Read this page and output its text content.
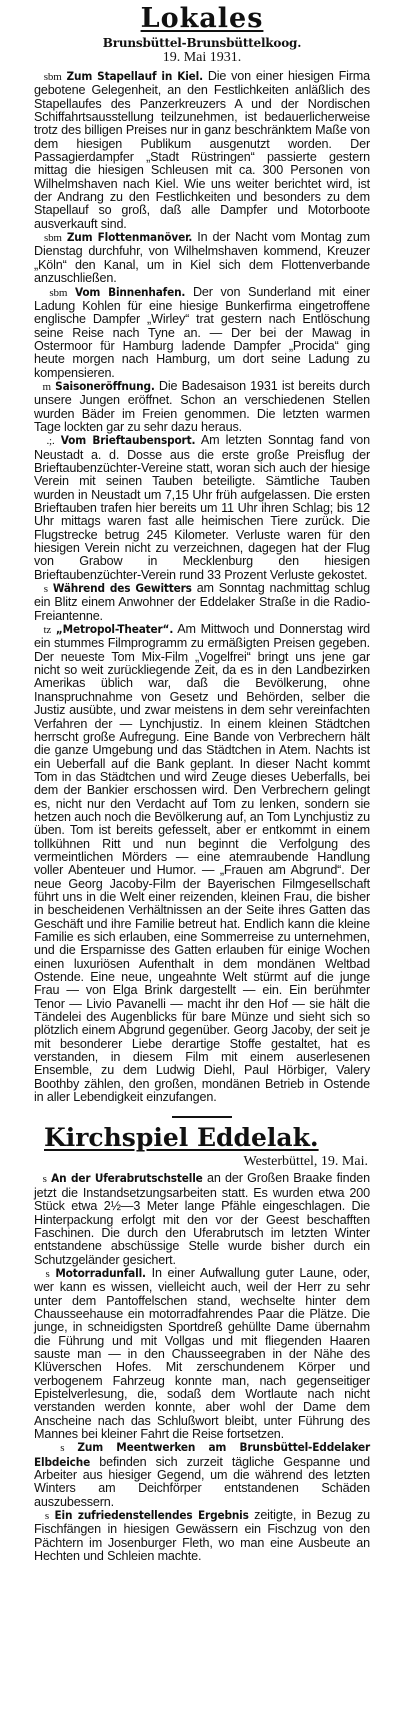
Lokales
Brunsbüttel-Brunsbüttelkoog.
19. Mai 1931.

sbm Zum Stapellauf in Kiel. Die von einer hiesigen Firma gebotene Gelegenheit, an den Festlichkeiten anläßlich des Stapellaufes des Panzerkreuzers A und der Nordischen Schiffahrtsausstellung teilzunehmen, ist bedauerlicherweise trotz des billigen Preises nur in ganz beschränktem Maße von dem hiesigen Publikum ausgenutzt worden. Der Passagierdampfer „Stadt Rüstringen“ passierte gestern mittag die hiesigen Schleusen mit ca. 300 Personen von Wilhelmshaven nach Kiel. Wie uns weiter berichtet wird, ist der Andrang zu den Festlichkeiten und besonders zu dem Stapellauf so groß, daß alle Dampfer und Motorboote ausverkauft sind.

sbm Zum Flottenmanöver. In der Nacht vom Montag zum Dienstag durchfuhr, von Wilhelmshaven kommend, Kreuzer „Köln“ den Kanal, um in Kiel sich dem Flottenverbande anzuschließen.

sbm Vom Binnenhafen. Der von Sunderland mit einer Ladung Kohlen für eine hiesige Bunkerfirma eingetroffene englische Dampfer „Wirley“ trat gestern nach Entlöschung seine Reise nach Tyne an. — Der bei der Mawag in Ostermoor für Hamburg ladende Dampfer „Procida“ ging heute morgen nach Hamburg, um dort seine Ladung zu kompensieren.

m Saisoneröffnung. Die Badesaison 1931 ist bereits durch unsere Jungen eröffnet. Schon an verschiedenen Stellen wurden Bäder im Freien genommen. Die letzten warmen Tage lockten gar zu sehr dazu heraus.

.;. Vom Brieftaubensport. Am letzten Sonntag fand von Neustadt a. d. Dosse aus die erste große Preisflug der Brieftaubenzüchter-Vereine statt, woran sich auch der hiesige Verein mit seinen Tauben beteiligte. Sämtliche Tauben wurden in Neustadt um 7,15 Uhr früh aufgelassen. Die ersten Brieftauben trafen hier bereits um 11 Uhr ihren Schlag; bis 12 Uhr mittags waren fast alle heimischen Tiere zurück. Die Flugstrecke betrug 245 Kilometer. Verluste waren für den hiesigen Verein nicht zu verzeichnen, dagegen hat der Flug von Grabow in Mecklenburg den hiesigen Brieftaubenzüchter-Verein rund 33 Prozent Verluste gekostet.

s Während des Gewitters am Sonntag nachmittag schlug ein Blitz einem Anwohner der Eddelaker Straße in die Radio-Freiantenne.

tz „Metropol-Theater“. Am Mittwoch und Donnerstag wird ein stummes Filmprogramm zu ermäßigten Preisen gegeben. Der neueste Tom Mix-Film „Vogelfrei“ bringt uns jene gar nicht so weit zurückliegende Zeit, da es in den Landbezirken Amerikas üblich war, daß die Bevölkerung, ohne Inanspruchnahme von Gesetz und Behörden, selber die Justiz ausübte, und zwar meistens in dem sehr vereinfachten Verfahren der — Lynchjustiz. In einem kleinen Städtchen herrscht große Aufregung. Eine Bande von Verbrechern hält die ganze Umgebung und das Städtchen in Atem. Nachts ist ein Ueberfall auf die Bank geplant. In dieser Nacht kommt Tom in das Städtchen und wird Zeuge dieses Ueberfalls, bei dem der Bankier erschossen wird. Den Verbrechern gelingt es, nicht nur den Verdacht auf Tom zu lenken, sondern sie hetzen auch noch die Bevölkerung auf, an Tom Lynchjustiz zu üben. Tom ist bereits gefesselt, aber er entkommt in einem tollkühnen Ritt und nun beginnt die Verfolgung des vermeintlichen Mörders — eine atemraubende Handlung voller Abenteuer und Humor. — „Frauen am Abgrund“. Der neue Georg Jacoby-Film der Bayerischen Filmgesellschaft führt uns in die Welt einer reizenden, kleinen Frau, die bisher in bescheidenen Verhältnissen an der Seite ihres Gatten das Geschäft und ihre Familie betreut hat. Endlich kann die kleine Familie es sich erlauben, eine Sommerreise zu unternehmen, und die Ersparnisse des Gatten erlauben für einige Wochen einen luxuriösen Aufenthalt in dem mondänen Weltbad Ostende. Eine neue, ungeahnte Welt stürmt auf die junge Frau — von Elga Brink dargestellt — ein. Ein berühmter Tenor — Livio Pavanelli — macht ihr den Hof — sie hält die Tändelei des Augenblicks für bare Münze und sieht sich so plötzlich einem Abgrund gegenüber. Georg Jacoby, der seit je mit besonderer Liebe derartige Stoffe gestaltet, hat es verstanden, in diesem Film mit einem auserlesenen Ensemble, zu dem Ludwig Diehl, Paul Hörbiger, Valery Boothby zählen, den großen, mondänen Betrieb in Ostende in aller Lebendigkeit einzufangen.

Kirchspiel Eddelak.
Westerbüttel, 19. Mai.

s An der Uferabrutschstelle an der Großen Braake finden jetzt die Instandsetzungsarbeiten statt. Es wurden etwa 200 Stück etwa 2½—3 Meter lange Pfähle eingeschlagen. Die Hinterpackung erfolgt mit den vor der Geest beschafften Faschinen. Die durch den Uferabrutsch im letzten Winter entstandene abschüssige Stelle wurde bisher durch ein Schutzgeländer gesichert.

s Motorradunfall. In einer Aufwallung guter Laune, oder, wer kann es wissen, vielleicht auch, weil der Herr zu sehr unter dem Pantoffelschen stand, wechselte hinter dem Chausseehause ein motorradfahrendes Paar die Plätze. Die junge, in schneidigsten Sportdreß gehüllte Dame übernahm die Führung und mit Vollgas und mit fliegenden Haaren sauste man — in den Chausseegraben in der Nähe des Klüverschen Hofes. Mit zerschundenem Körper und verbogenem Fahrzeug konnte man, nach gegenseitiger Epistelverlesung, die, sodaß dem Wortlaute nach nicht verstanden werden konnte, aber wohl der Dame dem Anscheine nach das Schlußwort bleibt, unter Führung des Mannes bei kleiner Fahrt die Reise fortsetzen.

s Zum Meentwerken am Brunsbüttel-Eddelaker Elbdeiche befinden sich zurzeit tägliche Gespanne und Arbeiter aus hiesiger Gegend, um die während des letzten Winters am Deichförper entstandenen Schäden auszubessern.

s Ein zufriedenstellendes Ergebnis zeitigte, in Bezug zu Fischfängen in hiesigen Gewässern ein Fischzug von den Pächtern im Josenburger Fleth, wo man eine Ausbeute an Hechten und Schleien machte.
